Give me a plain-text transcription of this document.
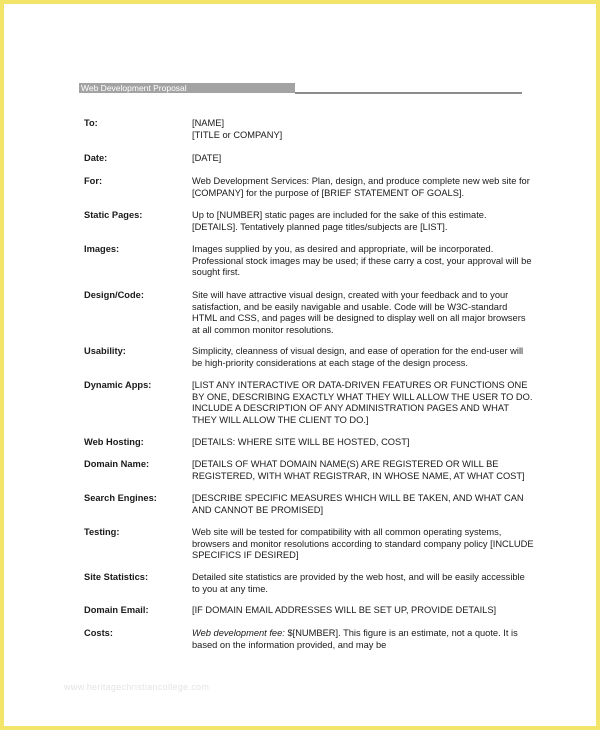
Web Development Proposal
To:	[NAME]
[TITLE or COMPANY]
Date:	[DATE]
For:	Web Development Services: Plan, design, and produce complete new web site for
[COMPANY] for the purpose of [BRIEF STATEMENT OF GOALS].
Static Pages:	Up to [NUMBER] static pages are included for the sake of this estimate.
[DETAILS]. Tentatively planned page titles/subjects are [LIST].
Images:	Images supplied by you, as desired and appropriate, will be incorporated.
Professional stock images may be used; if these carry a cost, your approval will be
sought first.
Design/Code:	Site will have attractive visual design, created with your feedback and to your
satisfaction, and be easily navigable and usable. Code will be W3C-standard
HTML and CSS, and pages will be designed to display well on all major browsers
at all common monitor resolutions.
Usability:	Simplicity, cleanness of visual design, and ease of operation for the end-user will
be high-priority considerations at each stage of the design process.
Dynamic Apps:	[LIST ANY INTERACTIVE OR DATA-DRIVEN FEATURES OR FUNCTIONS ONE
BY ONE, DESCRIBING EXACTLY WHAT THEY WILL ALLOW THE USER TO DO.
INCLUDE A DESCRIPTION OF ANY ADMINISTRATION PAGES AND WHAT
THEY WILL ALLOW THE CLIENT TO DO.]
Web Hosting:	[DETAILS: WHERE SITE WILL BE HOSTED, COST]
Domain Name:	[DETAILS OF WHAT DOMAIN NAME(S) ARE REGISTERED OR WILL BE
REGISTERED, WITH WHAT REGISTRAR, IN WHOSE NAME, AT WHAT COST]
Search Engines:	[DESCRIBE SPECIFIC MEASURES WHICH WILL BE TAKEN, AND WHAT CAN
AND CANNOT BE PROMISED]
Testing:	Web site will be tested for compatibility with all common operating systems,
browsers and monitor resolutions according to standard company policy [INCLUDE
SPECIFICS IF DESIRED]
Site Statistics:	Detailed site statistics are provided by the web host, and will be easily accessible
to you at any time.
Domain Email:	[IF DOMAIN EMAIL ADDRESSES WILL BE SET UP, PROVIDE DETAILS]
Costs:	Web development fee: $[NUMBER]. This figure is an estimate, not a quote. It is
based on the information provided, and may be
www.heritagechristiancollege.com
